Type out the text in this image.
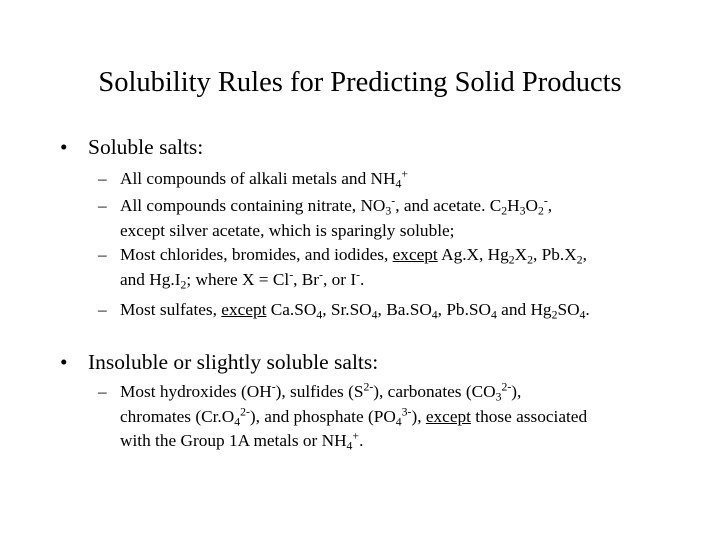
Solubility Rules for Predicting Solid Products
• Soluble salts:
– All compounds of alkali metals and $NH_4^+$
– All compounds containing nitrate, $NO_3^-$, and acetate. $C_2H_3O_2^-$,
except silver acetate, which is sparingly soluble;
– Most chlorides, bromides, and iodides, except Ag.X, $Hg_2X_2$, $Pb.X_2$,
and $Hg.I_2$; where X = Cl-, Br-, or I-.
– Most sulfates, except $Ca.SO_4$, $Sr.SO_4$, $Ba.SO_4$, $Pb.SO_4$ and $Hg_2SO_4$.
• Insoluble or slightly soluble salts:
– Most hydroxides (OH-), sulfides $(S^{2-})$, carbonates $(CO_3^{2-})$,
chromates $(Cr.O_4^{2-})$, and phosphate $(PO_4^{3-})$, except those associated
with the Group 1A metals or $NH_4^+$.
